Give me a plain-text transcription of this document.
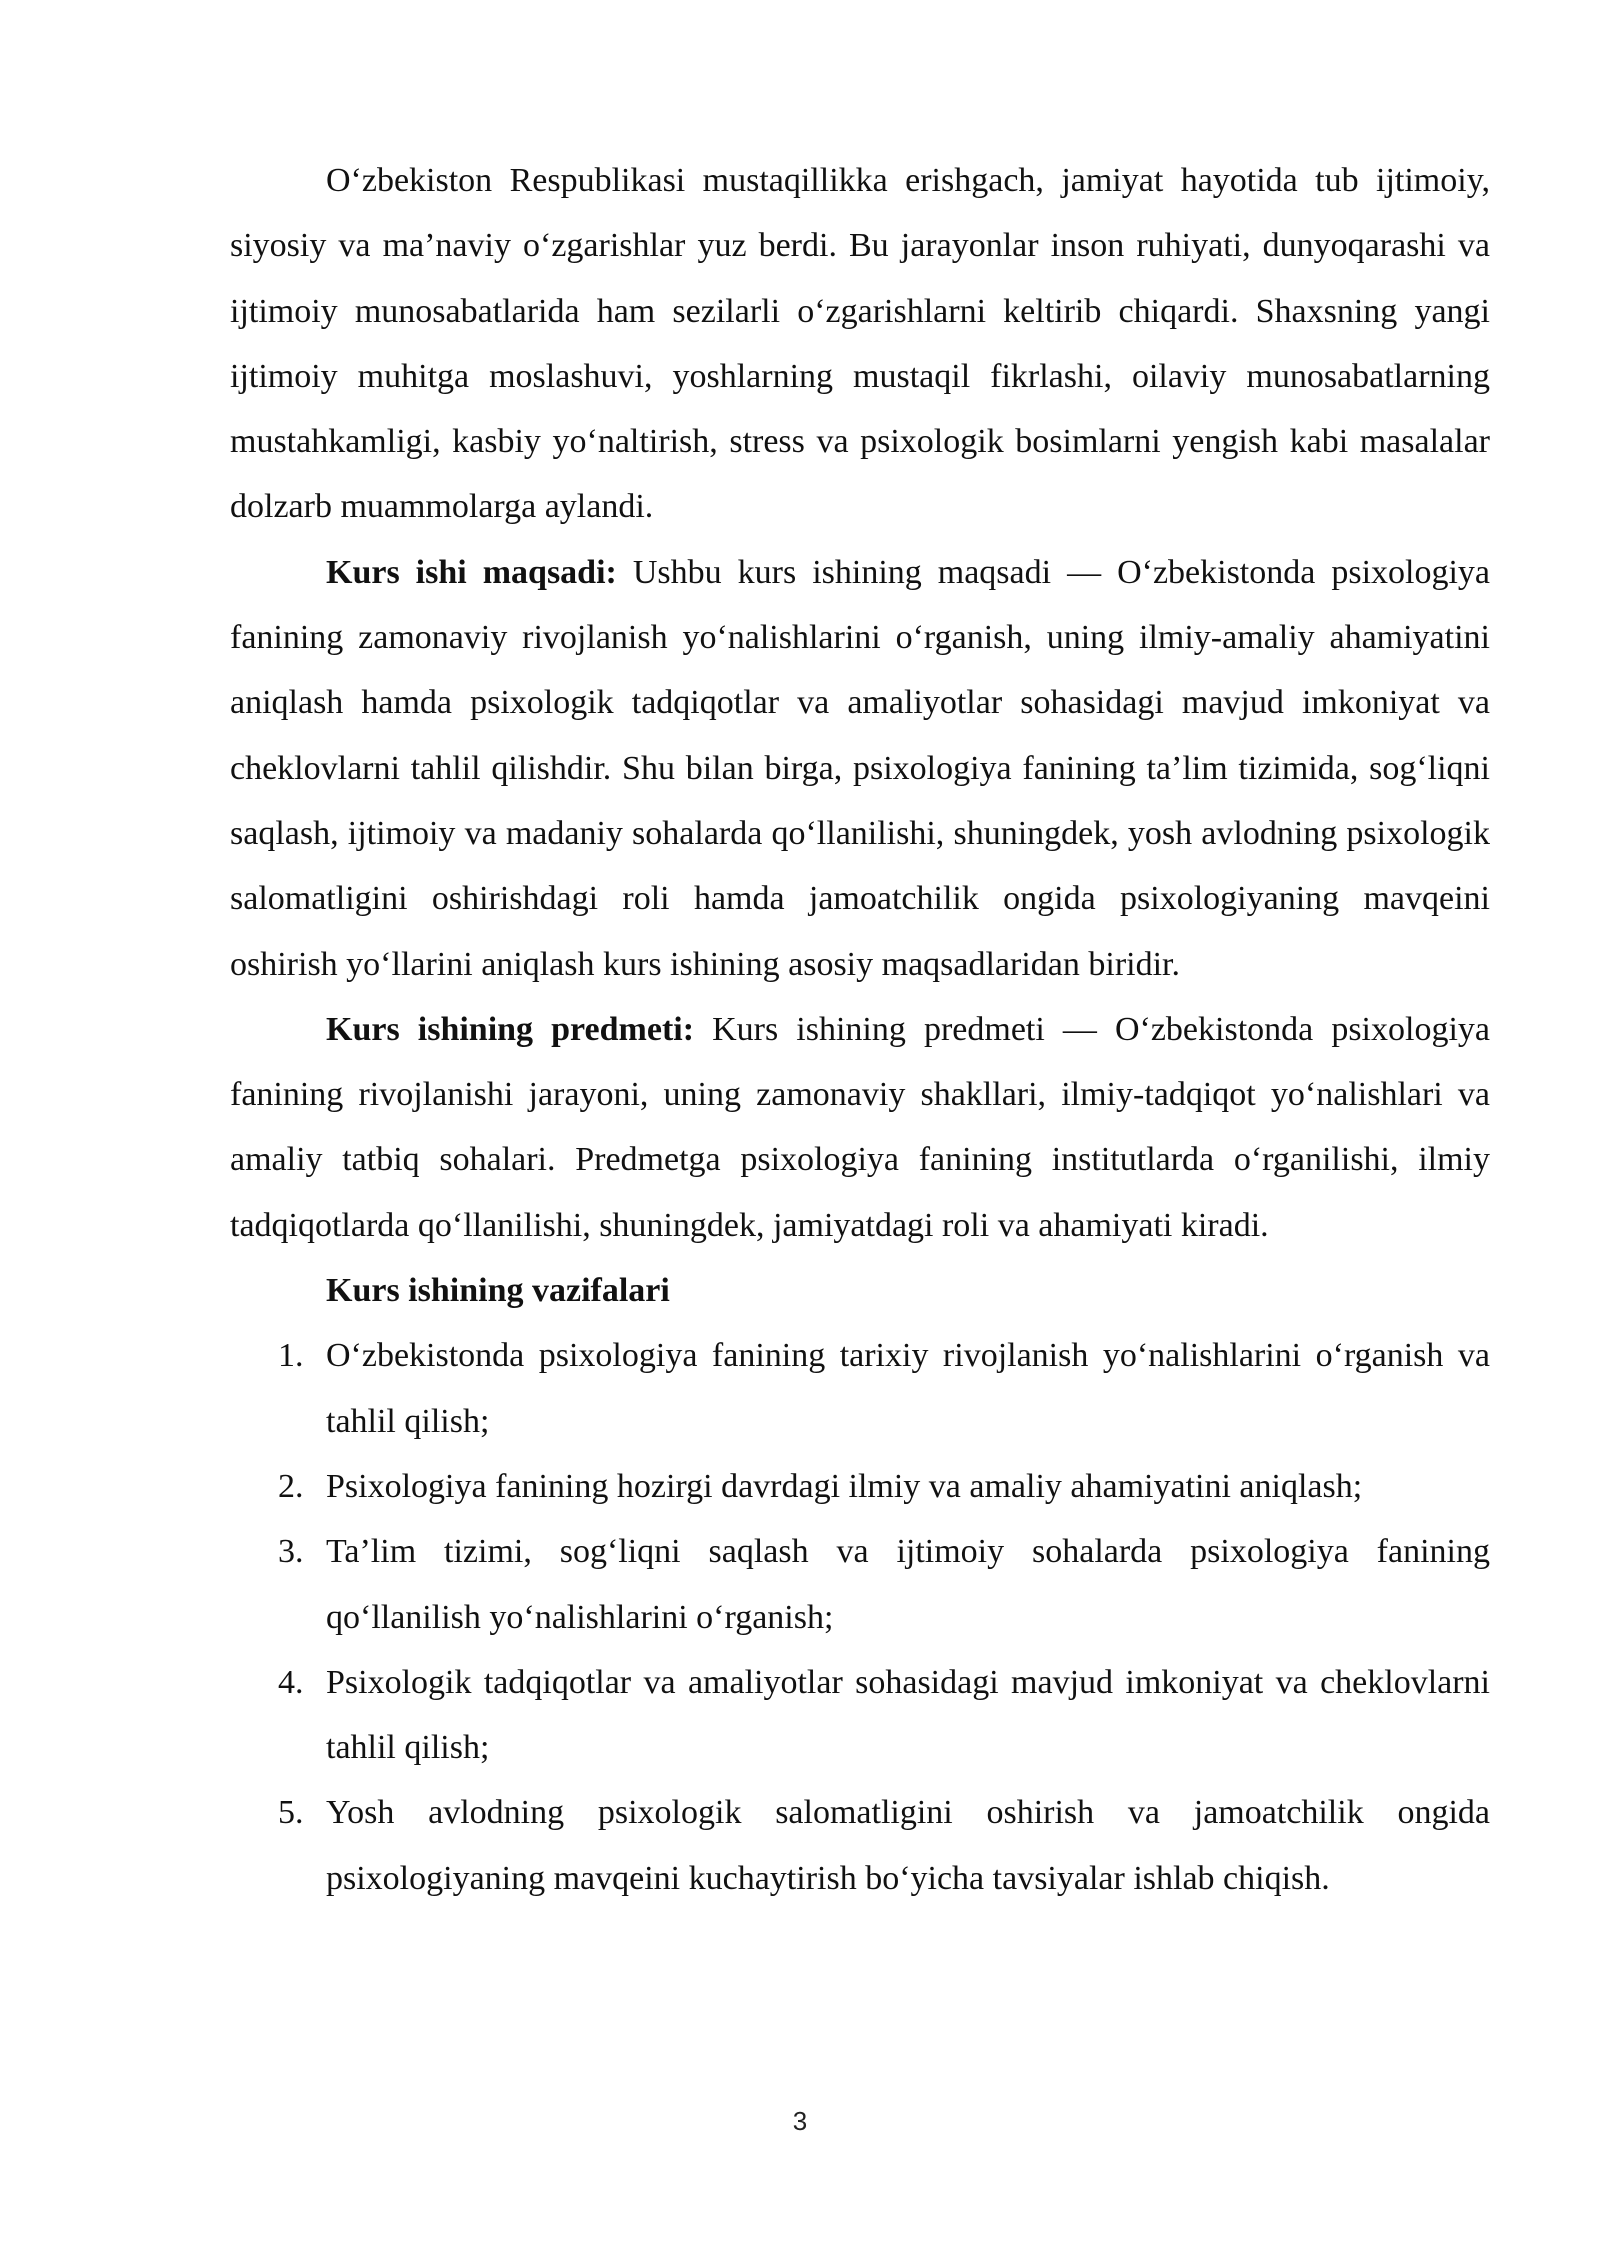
O‘zbekiston Respublikasi mustaqillikka erishgach, jamiyat hayotida tub ijtimoiy, siyosiy va ma’naviy o‘zgarishlar yuz berdi. Bu jarayonlar inson ruhiyati, dunyoqarashi va ijtimoiy munosabatlarida ham sezilarli o‘zgarishlarni keltirib chiqardi. Shaxsning yangi ijtimoiy muhitga moslashuvi, yoshlarning mustaqil fikrlashi, oilaviy munosabatlarning mustahkamligi, kasbiy yo‘naltirish, stress va psixologik bosimlarni yengish kabi masalalar dolzarb muammolarga aylandi.

Kurs ishi maqsadi: Ushbu kurs ishining maqsadi — O‘zbekistonda psixologiya fanining zamonaviy rivojlanish yo‘nalishlarini o‘rganish, uning ilmiy-amaliy ahamiyatini aniqlash hamda psixologik tadqiqotlar va amaliyotlar sohasidagi mavjud imkoniyat va cheklovlarni tahlil qilishdir. Shu bilan birga, psixologiya fanining ta’lim tizimida, sog‘liqni saqlash, ijtimoiy va madaniy sohalarda qo‘llanilishi, shuningdek, yosh avlodning psixologik salomatligini oshirishdagi roli hamda jamoatchilik ongida psixologiyaning mavqeini oshirish yo‘llarini aniqlash kurs ishining asosiy maqsadlaridan biridir.

Kurs ishining predmeti: Kurs ishining predmeti — O‘zbekistonda psixologiya fanining rivojlanishi jarayoni, uning zamonaviy shakllari, ilmiy-tadqiqot yo‘nalishlari va amaliy tatbiq sohalari. Predmetga psixologiya fanining institutlarda o‘rganilishi, ilmiy tadqiqotlarda qo‘llanilishi, shuningdek, jamiyatdagi roli va ahamiyati kiradi.

Kurs ishining vazifalari

1. O‘zbekistonda psixologiya fanining tarixiy rivojlanish yo‘nalishlarini o‘rganish va tahlil qilish;
2. Psixologiya fanining hozirgi davrdagi ilmiy va amaliy ahamiyatini aniqlash;
3. Ta’lim tizimi, sog‘liqni saqlash va ijtimoiy sohalarda psixologiya fanining qo‘llanilish yo‘nalishlarini o‘rganish;
4. Psixologik tadqiqotlar va amaliyotlar sohasidagi mavjud imkoniyat va cheklovlarni tahlil qilish;
5. Yosh avlodning psixologik salomatligini oshirish va jamoatchilik ongida psixologiyaning mavqeini kuchaytirish bo‘yicha tavsiyalar ishlab chiqish.
3
